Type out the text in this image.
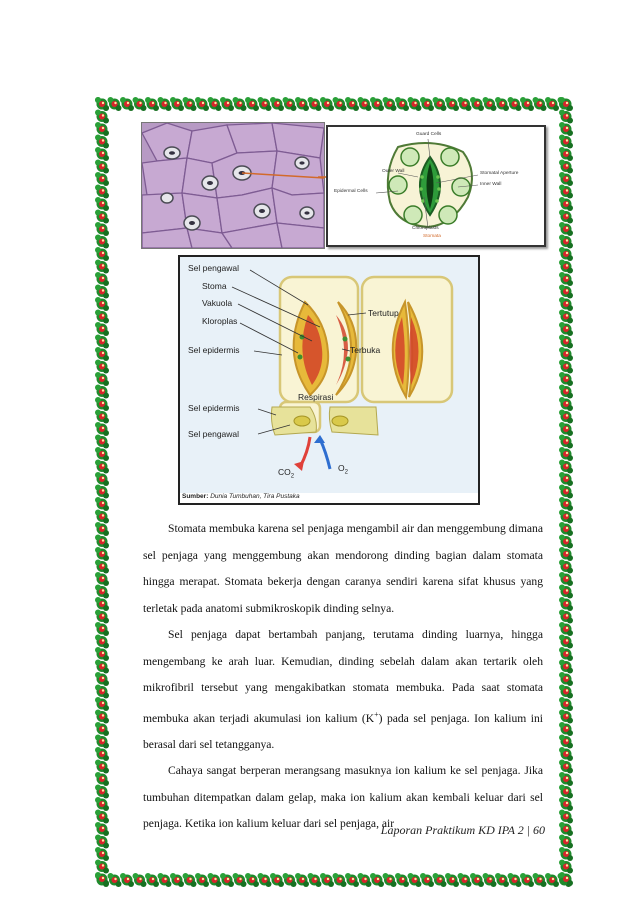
Guard Cells
Outer Wall
Epidermal Cells
Stomatal Aperture
Inner Wall
Chloroplasts
Stomata
Sel pengawal
Stoma
Vakuola
Kloroplas
Sel epidermis
Tertutup
Terbuka
Respirasi
Sel epidermis
Sel pengawal
$CO_2$
$O_2$
Sumber: Dunia Tumbuhan, Tira Pustaka

Stomata membuka karena sel penjaga mengambil air dan menggembung dimana sel penjaga yang menggembung akan mendorong dinding bagian dalam stomata hingga merapat. Stomata bekerja dengan caranya sendiri karena sifat khusus yang terletak pada anatomi submikroskopik dinding selnya.

Sel penjaga dapat bertambah panjang, terutama dinding luarnya, hingga mengembang ke arah luar. Kemudian, dinding sebelah dalam akan tertarik oleh mikrofibril tersebut yang mengakibatkan stomata membuka. Pada saat stomata membuka akan terjadi akumulasi ion kalium (K+) pada sel penjaga. Ion kalium ini berasal dari sel tetangganya.

Cahaya sangat berperan merangsang masuknya ion kalium ke sel penjaga. Jika tumbuhan ditempatkan dalam gelap, maka ion kalium akan kembali keluar dari sel penjaga. Ketika ion kalium keluar dari sel penjaga, air

Laporan Praktikum KD IPA 2 | 60
